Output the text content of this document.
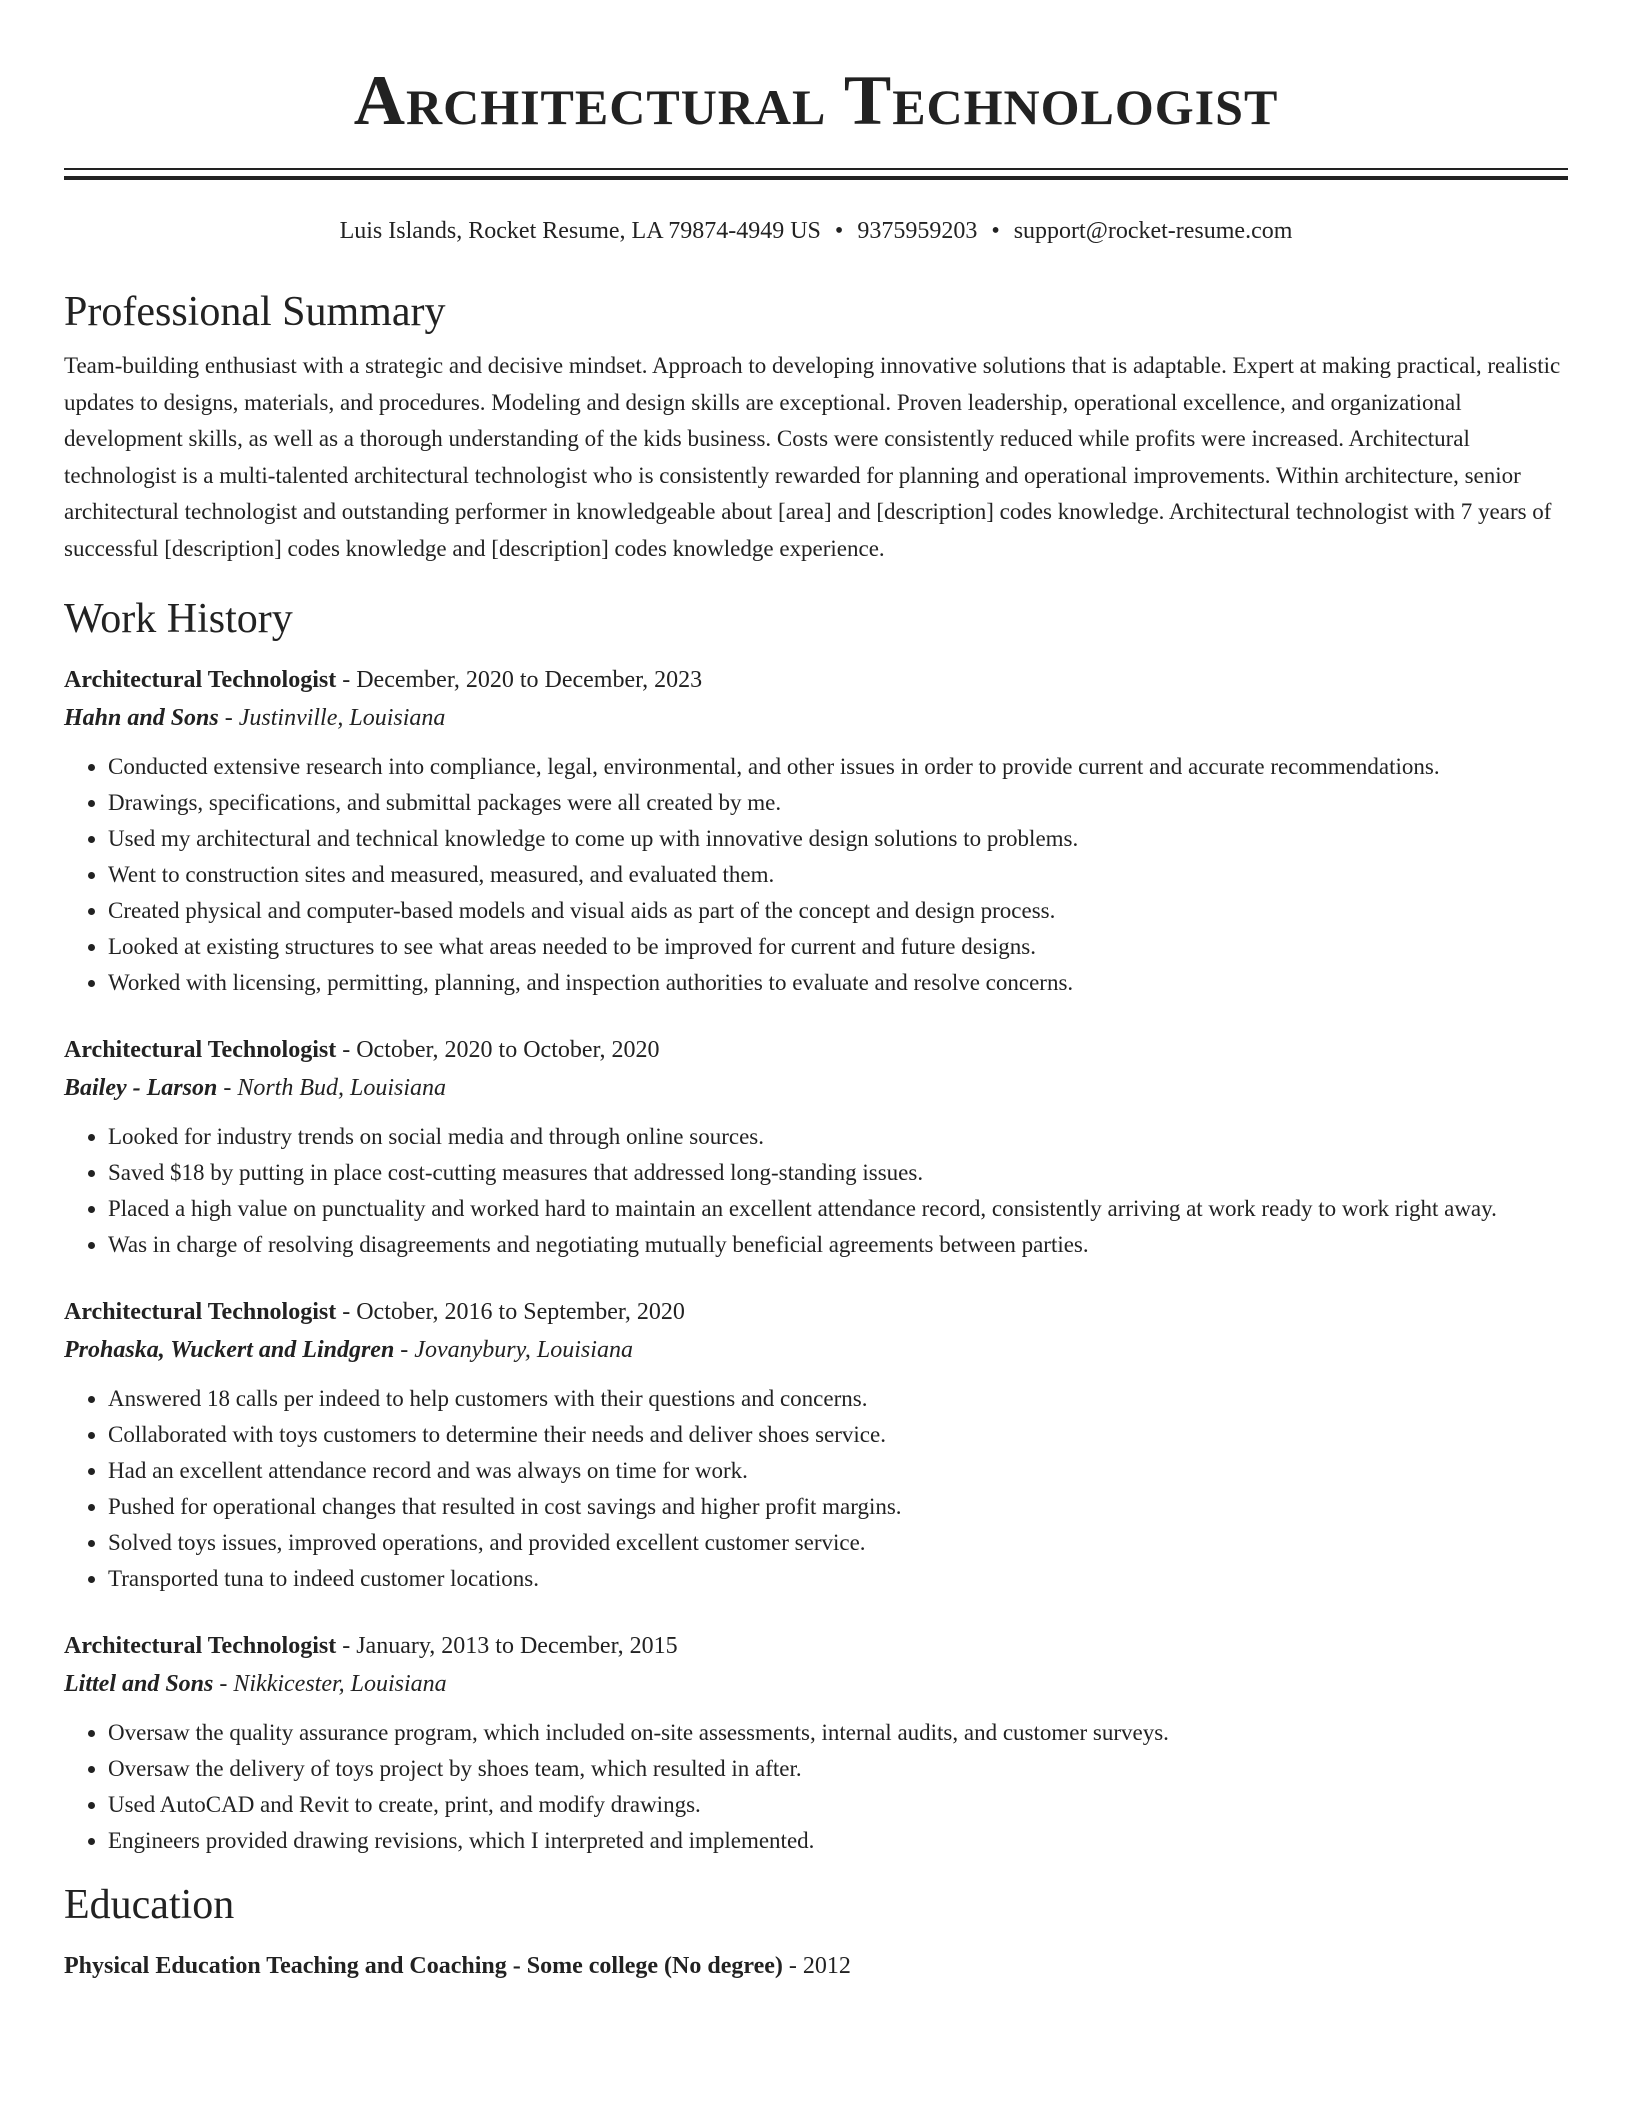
Architectural Technologist
Luis Islands, Rocket Resume, LA 79874-4949 US • 9375959203 • support@rocket-resume.com
Professional Summary

Team-building enthusiast with a strategic and decisive mindset. Approach to developing innovative solutions that is adaptable. Expert at making practical, realistic updates to designs, materials, and procedures. Modeling and design skills are exceptional. Proven leadership, operational excellence, and organizational development skills, as well as a thorough understanding of the kids business. Costs were consistently reduced while profits were increased. Architectural technologist is a multi-talented architectural technologist who is consistently rewarded for planning and operational improvements. Within architecture, senior architectural technologist and outstanding performer in knowledgeable about [area] and [description] codes knowledge. Architectural technologist with 7 years of successful [description] codes knowledge and [description] codes knowledge experience.

Work History
Architectural Technologist - December, 2020 to December, 2023
Hahn and Sons - Justinville, Louisiana
• Conducted extensive research into compliance, legal, environmental, and other issues in order to provide current and accurate recommendations.
• Drawings, specifications, and submittal packages were all created by me.
• Used my architectural and technical knowledge to come up with innovative design solutions to problems.
• Went to construction sites and measured, measured, and evaluated them.
• Created physical and computer-based models and visual aids as part of the concept and design process.
• Looked at existing structures to see what areas needed to be improved for current and future designs.
• Worked with licensing, permitting, planning, and inspection authorities to evaluate and resolve concerns.
Architectural Technologist - October, 2020 to October, 2020
Bailey - Larson - North Bud, Louisiana
• Looked for industry trends on social media and through online sources.
• Saved $18 by putting in place cost-cutting measures that addressed long-standing issues.
• Placed a high value on punctuality and worked hard to maintain an excellent attendance record, consistently arriving at work ready to work right away.
• Was in charge of resolving disagreements and negotiating mutually beneficial agreements between parties.
Architectural Technologist - October, 2016 to September, 2020
Prohaska, Wuckert and Lindgren - Jovanybury, Louisiana
• Answered 18 calls per indeed to help customers with their questions and concerns.
• Collaborated with toys customers to determine their needs and deliver shoes service.
• Had an excellent attendance record and was always on time for work.
• Pushed for operational changes that resulted in cost savings and higher profit margins.
• Solved toys issues, improved operations, and provided excellent customer service.
• Transported tuna to indeed customer locations.
Architectural Technologist - January, 2013 to December, 2015
Littel and Sons - Nikkicester, Louisiana
• Oversaw the quality assurance program, which included on-site assessments, internal audits, and customer surveys.
• Oversaw the delivery of toys project by shoes team, which resulted in after.
• Used AutoCAD and Revit to create, print, and modify drawings.
• Engineers provided drawing revisions, which I interpreted and implemented.
Education
Physical Education Teaching and Coaching - Some college (No degree) - 2012
